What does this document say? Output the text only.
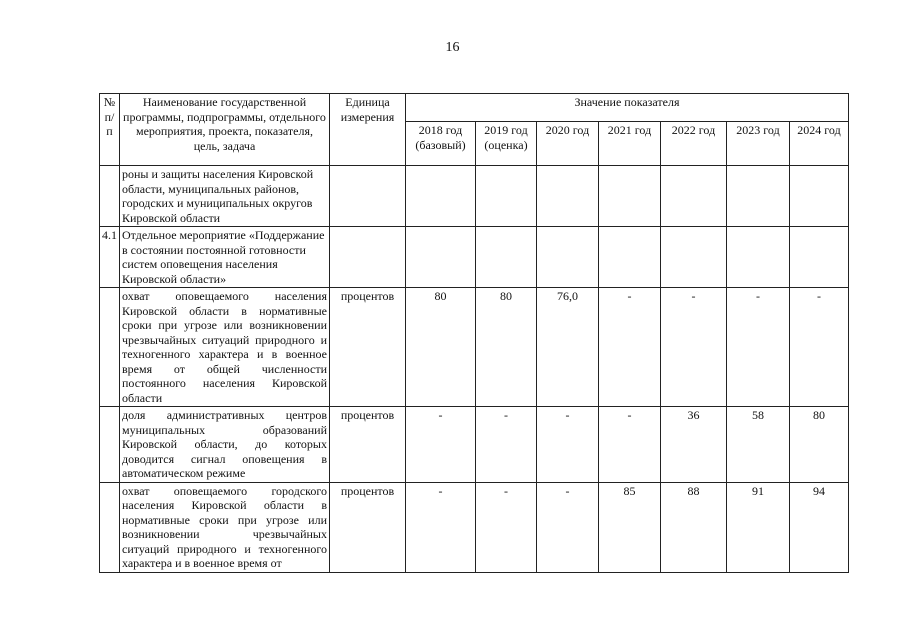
16
№ п/п	Наименование государственной программы, подпрограммы, отдельного мероприятия, проекта, показателя, цель, задача	Единица измерения	Значение показателя						
			2018 год (базовый)	2019 год (оценка)	2020 год	2021 год	2022 год	2023 год	2024 год
	роны и защиты населения Кировской области, муниципальных районов, городских и муниципальных округов Кировской области								
4.1	Отдельное мероприятие «Поддержание в состоянии постоянной готовности систем оповещения населения Кировской области»								
	охват оповещаемого населения Кировской области в нормативные сроки при угрозе или возникновении чрезвычайных ситуаций природного и техногенного характера и в военное время от общей численности постоянного населения Кировской области	процентов	80	80	76,0	-	-	-	-
	доля административных центров муниципальных образований Кировской области, до которых доводится сигнал оповещения в автоматическом режиме	процентов	-	-	-	-	36	58	80
	охват оповещаемого городского населения Кировской области в нормативные сроки при угрозе или возникновении чрезвычайных ситуаций природного и техногенного характера и в военное время от	процентов	-	-	-	85	88	91	94
